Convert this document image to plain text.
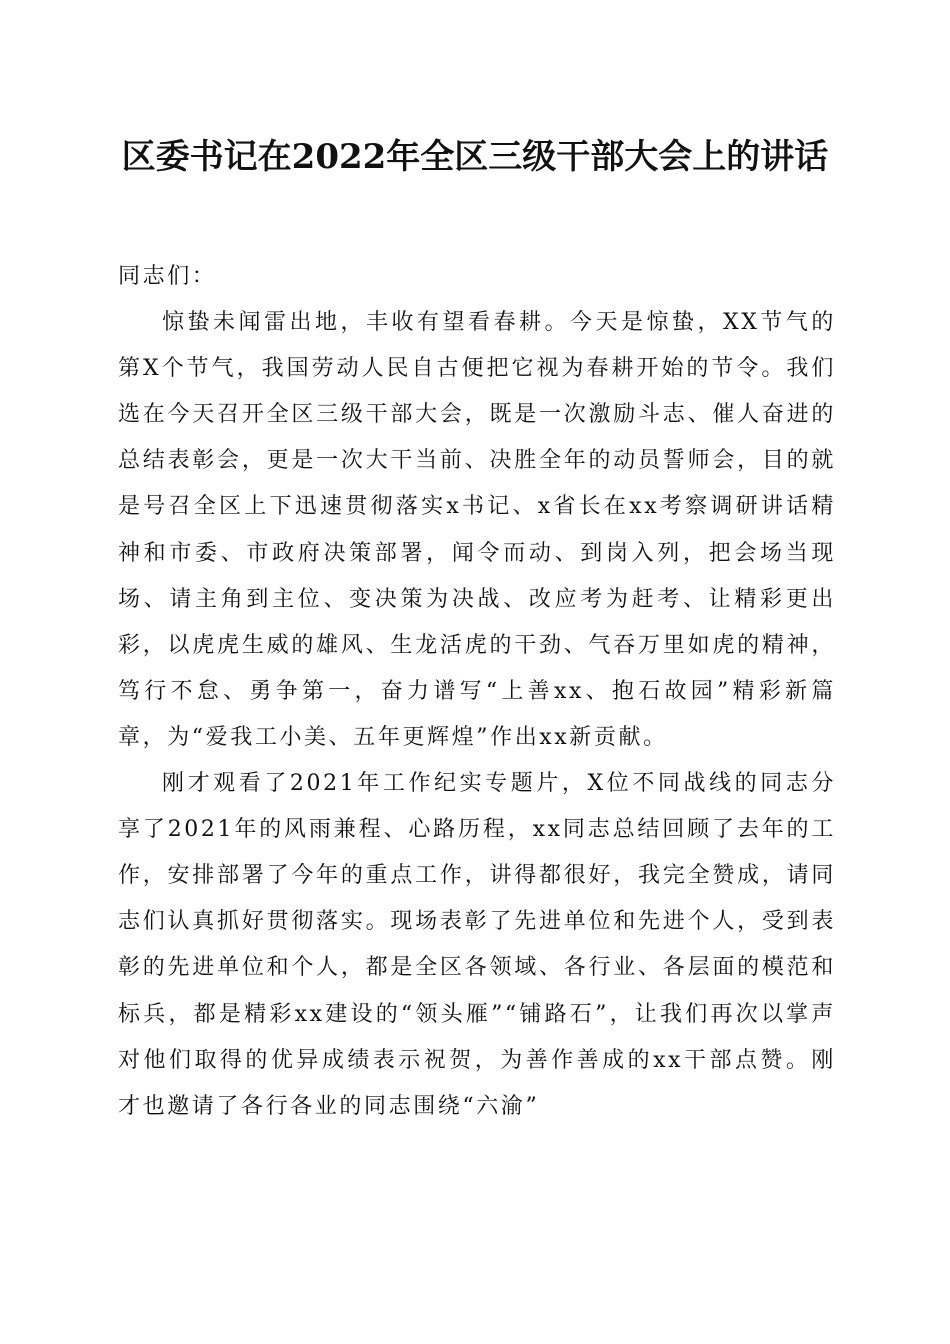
区委书记在2022年全区三级干部大会上的讲话

同志们：

惊蛰未闻雷出地，丰收有望看春耕。今天是惊蛰，XX节气的第X个节气，我国劳动人民自古便把它视为春耕开始的节令。我们选在今天召开全区三级干部大会，既是一次激励斗志、催人奋进的总结表彰会，更是一次大干当前、决胜全年的动员誓师会，目的就是号召全区上下迅速贯彻落实x书记、x省长在xx考察调研讲话精神和市委、市政府决策部署，闻令而动、到岗入列，把会场当现场、请主角到主位、变决策为决战、改应考为赶考、让精彩更出彩，以虎虎生威的雄风、生龙活虎的干劲、气吞万里如虎的精神，笃行不怠、勇争第一，奋力谱写“上善xx、抱石故园”精彩新篇章，为“爱我工小美、五年更辉煌”作出xx新贡献。

刚才观看了2021年工作纪实专题片，X位不同战线的同志分享了2021年的风雨兼程、心路历程，xx同志总结回顾了去年的工作，安排部署了今年的重点工作，讲得都很好，我完全赞成，请同志们认真抓好贯彻落实。现场表彰了先进单位和先进个人，受到表彰的先进单位和个人，都是全区各领域、各行业、各层面的模范和标兵，都是精彩xx建设的“领头雁”“铺路石”，让我们再次以掌声对他们取得的优异成绩表示祝贺，为善作善成的xx干部点赞。刚才也邀请了各行各业的同志围绕“六渝”
